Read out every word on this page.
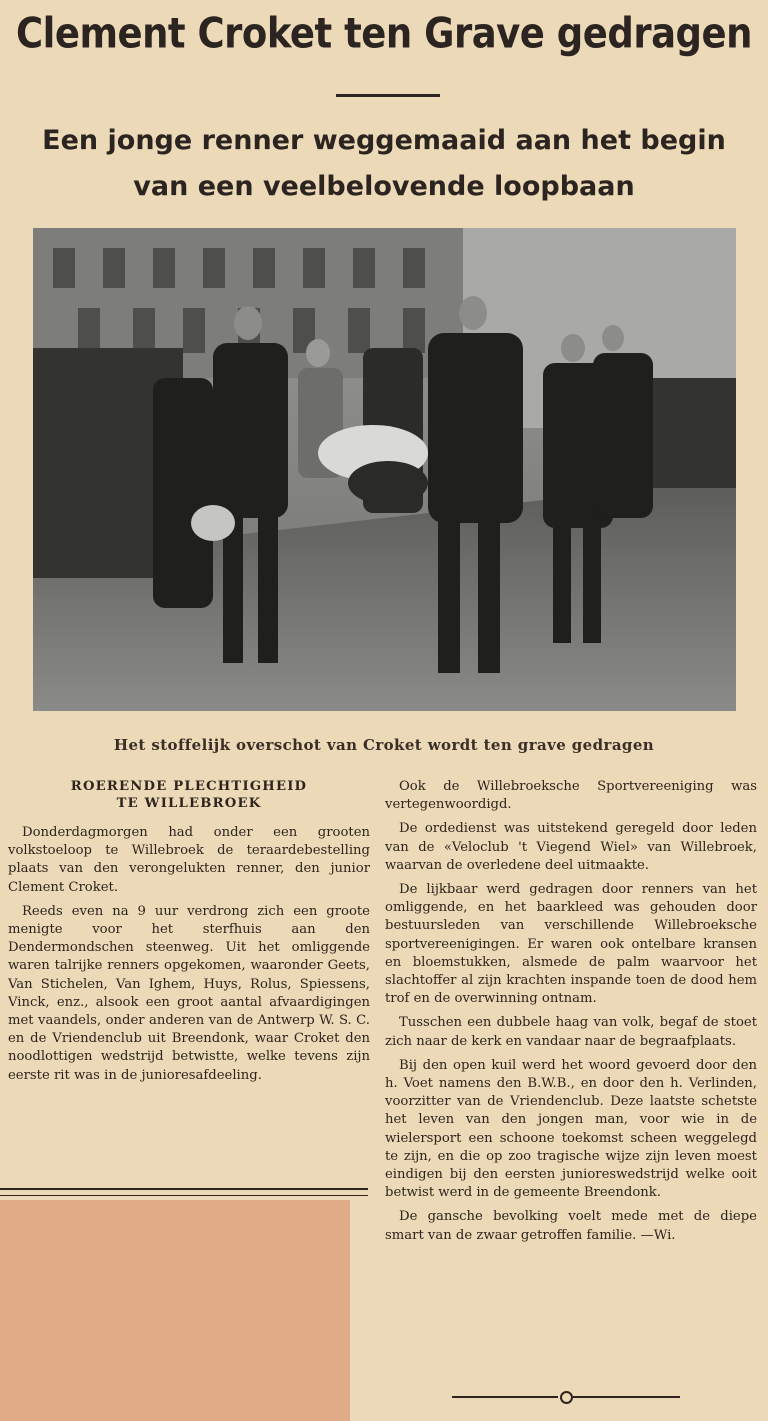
Clement Croket ten Grave gedragen
Een jonge renner weggemaaid aan het begin van een veelbelovende loopbaan
Het stoffelijk overschot van Croket wordt ten grave gedragen
ROERENDE PLECHTIGHEID
TE WILLEBROEK

Donderdagmorgen had onder een grooten volkstoeloop te Willebroek de teraardebestelling plaats van den verongelukten renner, den junior Clement Croket.

Reeds even na 9 uur verdrong zich een groote menigte voor het sterfhuis aan den Dendermondschen steenweg. Uit het omliggende waren talrijke renners opgekomen, waaronder Geets, Van Stichelen, Van Ighem, Huys, Rolus, Spiessens, Vinck, enz., alsook een groot aantal afvaardigingen met vaandels, onder anderen van de Antwerp W. S. C. en de Vriendenclub uit Breendonk, waar Croket den noodlottigen wedstrijd betwistte, welke tevens zijn eerste rit was in de junioresafdeeling.

Ook de Willebroeksche Sportvereeniging was vertegenwoordigd.

De ordedienst was uitstekend geregeld door leden van de «Veloclub 't Viegend Wiel» van Willebroek, waarvan de overledene deel uitmaakte.

De lijkbaar werd gedragen door renners van het omliggende, en het baarkleed was gehouden door bestuursleden van verschillende Willebroeksche sportvereenigingen. Er waren ook ontelbare kransen en bloemstukken, alsmede de palm waarvoor het slachtoffer al zijn krachten inspande toen de dood hem trof en de overwinning ontnam.

Tusschen een dubbele haag van volk, begaf de stoet zich naar de kerk en vandaar naar de begraafplaats.

Bij den open kuil werd het woord gevoerd door den h. Voet namens den B.W.B., en door den h. Verlinden, voorzitter van de Vriendenclub. Deze laatste schetste het leven van den jongen man, voor wie in de wielersport een schoone toekomst scheen weggelegd te zijn, en die op zoo tragische wijze zijn leven moest eindigen bij den eersten junioreswedstrijd welke ooit betwist werd in de gemeente Breendonk.

De gansche bevolking voelt mede met de diepe smart van de zwaar getroffen familie. —Wi.
